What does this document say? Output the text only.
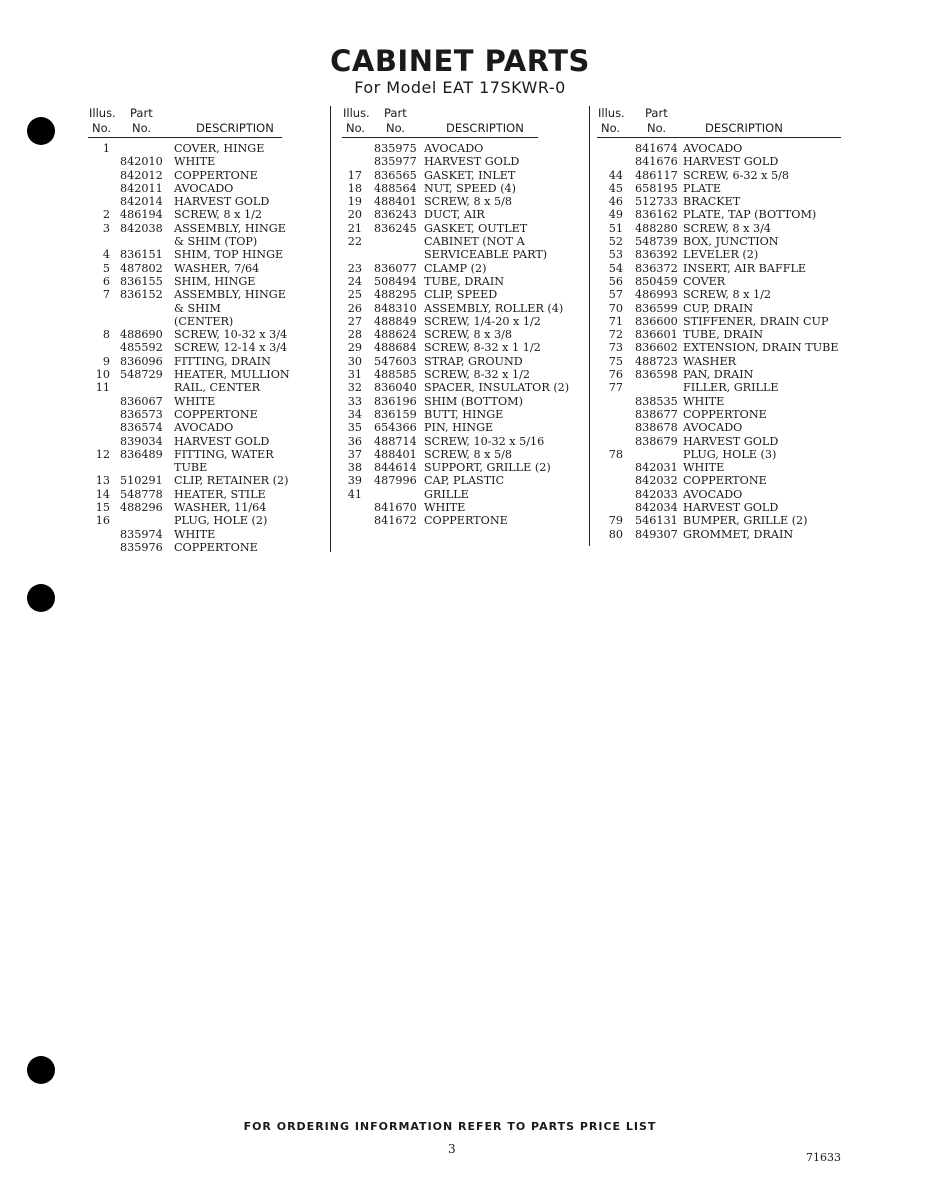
CABINET PARTS
For Model EAT 17SKWR-0
Illus. Part
No. No.	DESCRIPTION
1	COVER, HINGE
842010 WHITE
842012 COPPERTONE
842011 AVOCADO
842014 HARVEST GOLD
2 486194 SCREW, 8 x 1/2
3 842038 ASSEMBLY, HINGE
& SHIM (TOP)
4 836151 SHIM, TOP HINGE
5 487802 WASHER, 7/64
6 836155 SHIM, HINGE
7 836152 ASSEMBLY, HINGE
& SHIM
(CENTER)
8 488690 SCREW, 10-32 x 3/4
485592 SCREW, 12-14 x 3/4
9 836096 FITTING, DRAIN
10 548729 HEATER, MULLION
11	RAIL, CENTER
836067 WHITE
836573 COPPERTONE
836574 AVOCADO
839034 HARVEST GOLD
12 836489 FITTING, WATER
TUBE
13 510291 CLIP, RETAINER (2)
14 548778 HEATER, STILE
15 488296 WASHER, 11/64
16	PLUG, HOLE (2)
835974 WHITE
835976 COPPERTONE
Illus. Part
No. No.	DESCRIPTION
835975 AVOCADO
835977 HARVEST GOLD
17 836565 GASKET, INLET
18 488564 NUT, SPEED (4)
19 488401 SCREW, 8 x 5/8
20 836243 DUCT, AIR
21 836245 GASKET, OUTLET
22	CABINET (NOT A
SERVICEABLE PART)
23 836077 CLAMP (2)
24 508494 TUBE, DRAIN
25 488295 CLIP, SPEED
26 848310 ASSEMBLY, ROLLER (4)
27 488849 SCREW, 1/4-20 x 1/2
28 488624 SCREW, 8 x 3/8
29 488684 SCREW, 8-32 x 1 1/2
30 547603 STRAP, GROUND
31 488585 SCREW, 8-32 x 1/2
32 836040 SPACER, INSULATOR (2)
33 836196 SHIM (BOTTOM)
34 836159 BUTT, HINGE
35 654366 PIN, HINGE
36 488714 SCREW, 10-32 x 5/16
37 488401 SCREW, 8 x 5/8
38 844614 SUPPORT, GRILLE (2)
39 487996 CAP, PLASTIC
41	GRILLE
841670 WHITE
841672 COPPERTONE
Illus. Part
No. No.	DESCRIPTION
841674 AVOCADO
841676 HARVEST GOLD
44 486117 SCREW, 6-32 x 5/8
45 658195 PLATE
46 512733 BRACKET
49 836162 PLATE, TAP (BOTTOM)
51 488280 SCREW, 8 x 3/4
52 548739 BOX, JUNCTION
53 836392 LEVELER (2)
54 836372 INSERT, AIR BAFFLE
56 850459 COVER
57 486993 SCREW, 8 x 1/2
70 836599 CUP, DRAIN
71 836600 STIFFENER, DRAIN CUP
72 836601 TUBE, DRAIN
73 836602 EXTENSION, DRAIN TUBE
75 488723 WASHER
76 836598 PAN, DRAIN
77	FILLER, GRILLE
838535 WHITE
838677 COPPERTONE
838678 AVOCADO
838679 HARVEST GOLD
78	PLUG, HOLE (3)
842031 WHITE
842032 COPPERTONE
842033 AVOCADO
842034 HARVEST GOLD
79 546131 BUMPER, GRILLE (2)
80 849307 GROMMET, DRAIN
FOR ORDERING INFORMATION REFER TO PARTS PRICE LIST
3
71633
